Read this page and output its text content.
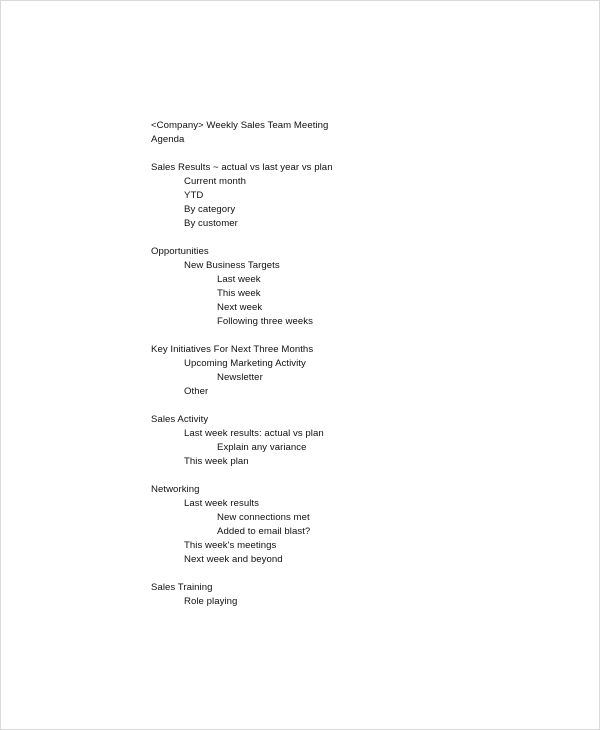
<Company> Weekly Sales Team Meeting
Agenda
Sales Results ~ actual vs last year vs plan
Current month
YTD
By category
By customer
Opportunities
New Business Targets
Last week
This week
Next week
Following three weeks
Key Initiatives For Next Three Months
Upcoming Marketing Activity
Newsletter
Other
Sales Activity
Last week results: actual vs plan
Explain any variance
This week plan
Networking
Last week results
New connections met
Added to email blast?
This week's meetings
Next week and beyond
Sales Training
Role playing
